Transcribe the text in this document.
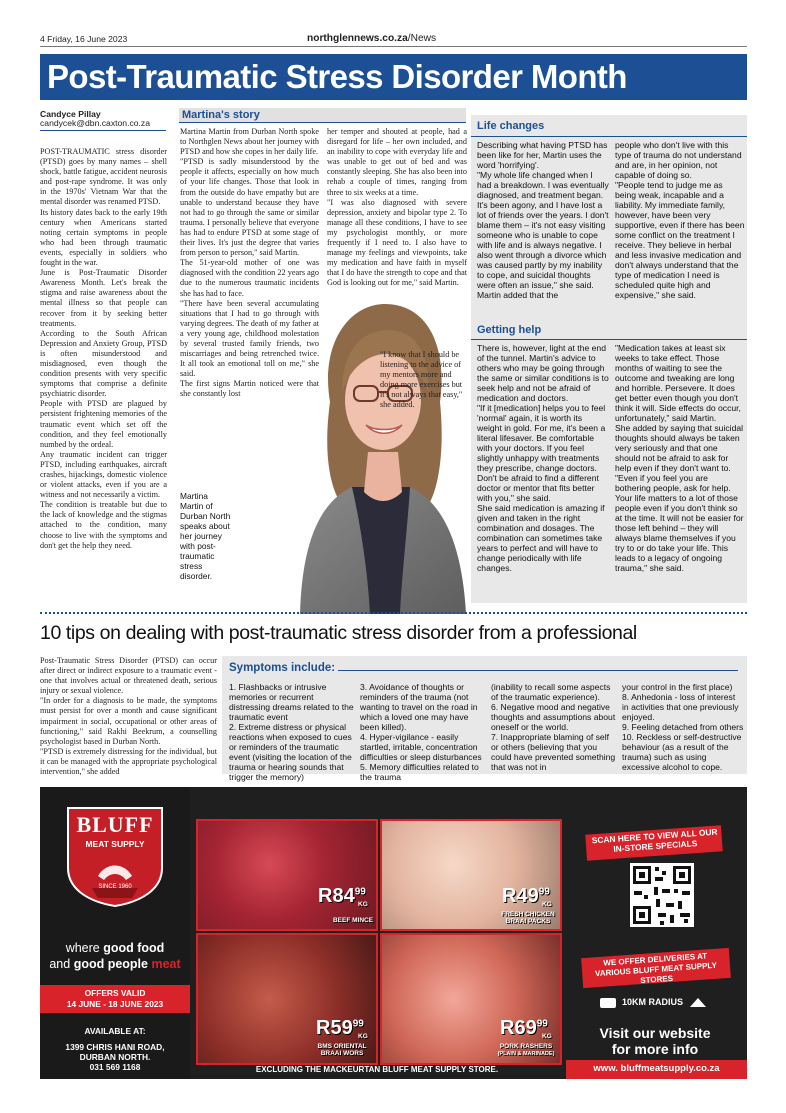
4 Friday, 16 June 2023	northglennews.co.za/News
Post-Traumatic Stress Disorder Month
Candyce Pillay
candycek@dbn.caxton.co.za
POST-TRAUMATIC stress disorder (PTSD) goes by many names – shell shock, battle fatigue, accident neurosis and post-rape syndrome. It was only in the 1970s' Vietnam War that the mental disorder was renamed PTSD.
Its history dates back to the early 19th century when Americans started noting certain symptoms in people who had been through traumatic events, especially in soldiers who fought in the war.
June is Post-Traumatic Disorder Awareness Month. Let's break the stigma and raise awareness about the mental illness so that people can recover from it by seeking better treatments.
According to the South African Depression and Anxiety Group, PTSD is often misunderstood and misdiagnosed, even though the condition presents with very specific symptoms that comprise a definite psychiatric disorder.
People with PTSD are plagued by persistent frightening memories of the traumatic event which set off the condition, and they feel emotionally numbed by the ordeal.
Any traumatic incident can trigger PTSD, including earthquakes, aircraft crashes, hijackings, domestic violence or violent attacks, even if you are a witness and not necessarily a victim.
The condition is treatable but due to the lack of knowledge and the stigmas attached to the condition, many choose to live with the symptoms and don't get the help they need.
Martina's story
Martina Martin from Durban North spoke to Northglen News about her journey with PTSD and how she copes in her daily life.
"PTSD is sadly misunderstood by the people it affects, especially on how much of your life changes. Those that look in from the outside do have empathy but are unable to understand because they have not had to go through the same or similar trauma. I personally believe that everyone has had to endure PTSD at some stage of their lives. It's just the degree that varies from person to person," said Martin.
The 51-year-old mother of one was diagnosed with the condition 22 years ago due to the numerous traumatic incidents she has had to face.
"There have been several accumulating situations that I had to go through with varying degrees. The death of my father at a very young age, childhood molestation by several trusted family friends, two miscarriages and being retrenched twice. It all took an emotional toll on me," she said.
The first signs Martin noticed were that she constantly lost
her temper and shouted at people, had a disregard for life – her own included, and an inability to cope with everyday life and was unable to get out of bed and was constantly sleeping. She has also been into rehab a couple of times, ranging from three to six weeks at a time.
"I was also diagnosed with severe depression, anxiety and bipolar type 2. To manage all these conditions, I have to see my psychologist monthly, or more frequently if I need to. I also have to manage my feelings and viewpoints, take my medication and have faith in myself that I do have the strength to cope and that God is looking out for me," said Martin.
"I know that I should be listening to the advice of my mentors more and doing more exercises but it's not always that easy," she added.
Martina Martin of Durban North speaks about her journey with post-traumatic stress disorder.
Life changes
Describing what having PTSD has been like for her, Martin uses the word 'horrifying'.
"My whole life changed when I had a breakdown. I was eventually diagnosed, and treatment began. It's been agony, and I have lost a lot of friends over the years. I don't blame them – it's not easy visiting someone who is unable to cope with life and is always negative. I also went through a divorce which was caused partly by my inability to cope, and suicidal thoughts were often an issue," she said.
Martin added that the
people who don't live with this type of trauma do not understand and are, in her opinion, not capable of doing so.
"People tend to judge me as being weak, incapable and a liability. My immediate family, however, have been very supportive, even if there has been some conflict on the treatment I receive. They believe in herbal and less invasive medication and don't always understand that the type of medication I need is scheduled quite high and expensive," she said.
Getting help
There is, however, light at the end of the tunnel. Martin's advice to others who may be going through the same or similar conditions is to seek help and not be afraid of medication and doctors.
"If it [medication] helps you to feel 'normal' again, it is worth its weight in gold. For me, it's been a literal lifesaver. Be comfortable with your doctors. If you feel slightly unhappy with treatments they prescribe, change doctors. Don't be afraid to find a different doctor or mentor that fits better with you," she said.
She said medication is amazing if given and taken in the right combination and dosages. The combination can sometimes take years to perfect and will have to change periodically with life changes.
"Medication takes at least six weeks to take effect. Those months of waiting to see the outcome and tweaking are long and horrible. Persevere. It does get better even though you don't think it will. Side effects do occur, unfortunately," said Martin.
She added by saying that suicidal thoughts should always be taken very seriously and that one should not be afraid to ask for help even if they don't want to.
"Even if you feel you are bothering people, ask for help. Your life matters to a lot of those people even if you don't think so at the time. It will not be easier for those left behind – they will always blame themselves if you try to or do take your life. This leads to a legacy of ongoing trauma," she said.
10 tips on dealing with post-traumatic stress disorder from a professional
Post-Traumatic Stress Disorder (PTSD) can occur after direct or indirect exposure to a traumatic event - one that involves actual or threatened death, serious injury or sexual violence.
"In order for a diagnosis to be made, the symptoms must persist for over a month and cause significant impairment in social, occupational or other areas of functioning," said Rakhi Beekrum, a counselling psychologist based in Durban North.
"PTSD is extremely distressing for the individual, but it can be managed with the appropriate psychological intervention," she added
Symptoms include:
1. Flashbacks or intrusive memories or recurrent distressing dreams related to the traumatic event
2. Extreme distress or physical reactions when exposed to cues or reminders of the traumatic event (visiting the location of the trauma or hearing sounds that trigger the memory)
3. Avoidance of thoughts or reminders of the trauma (not wanting to travel on the road in which a loved one may have been killed).
4. Hyper-vigilance - easily startled, irritable, concentration difficulties or sleep disturbances
5. Memory difficulties related to the trauma
(inability to recall some aspects of the traumatic experience).
6. Negative mood and negative thoughts and assumptions about oneself or the world.
7. Inappropriate blaming of self or others (believing that you could have prevented something that was not in
your control in the first place)
8. Anhedonia - loss of interest in activities that one previously enjoyed.
9. Feeling detached from others
10. Reckless or self-destructive behaviour (as a result of the trauma) such as using excessive alcohol to cope.
BLUFF
MEAT SUPPLY
SINCE 1960
where good food
and good people meat
OFFERS VALID
14 JUNE - 18 JUNE 2023
AVAILABLE AT:
1399 CHRIS HANI ROAD,
DURBAN NORTH.
031 569 1168
$R84^{99}$
KG
BEEF MINCE
$R49^{99}$
KG
FRESH CHICKEN BRAAI PACKS
$R59^{99}$
KG
BMS ORIENTAL BRAAI WORS
$R69^{99}$
KG
PORK RASHERS
(PLAIN & MARINADE)
SCAN HERE TO VIEW ALL OUR IN-STORE SPECIALS
WE OFFER DELIVERIES AT VARIOUS BLUFF MEAT SUPPLY STORES
10KM RADIUS
Visit our website
for more info
www. bluffmeatsupply.co.za
EXCLUDING THE MACKEURTAN BLUFF MEAT SUPPLY STORE.
